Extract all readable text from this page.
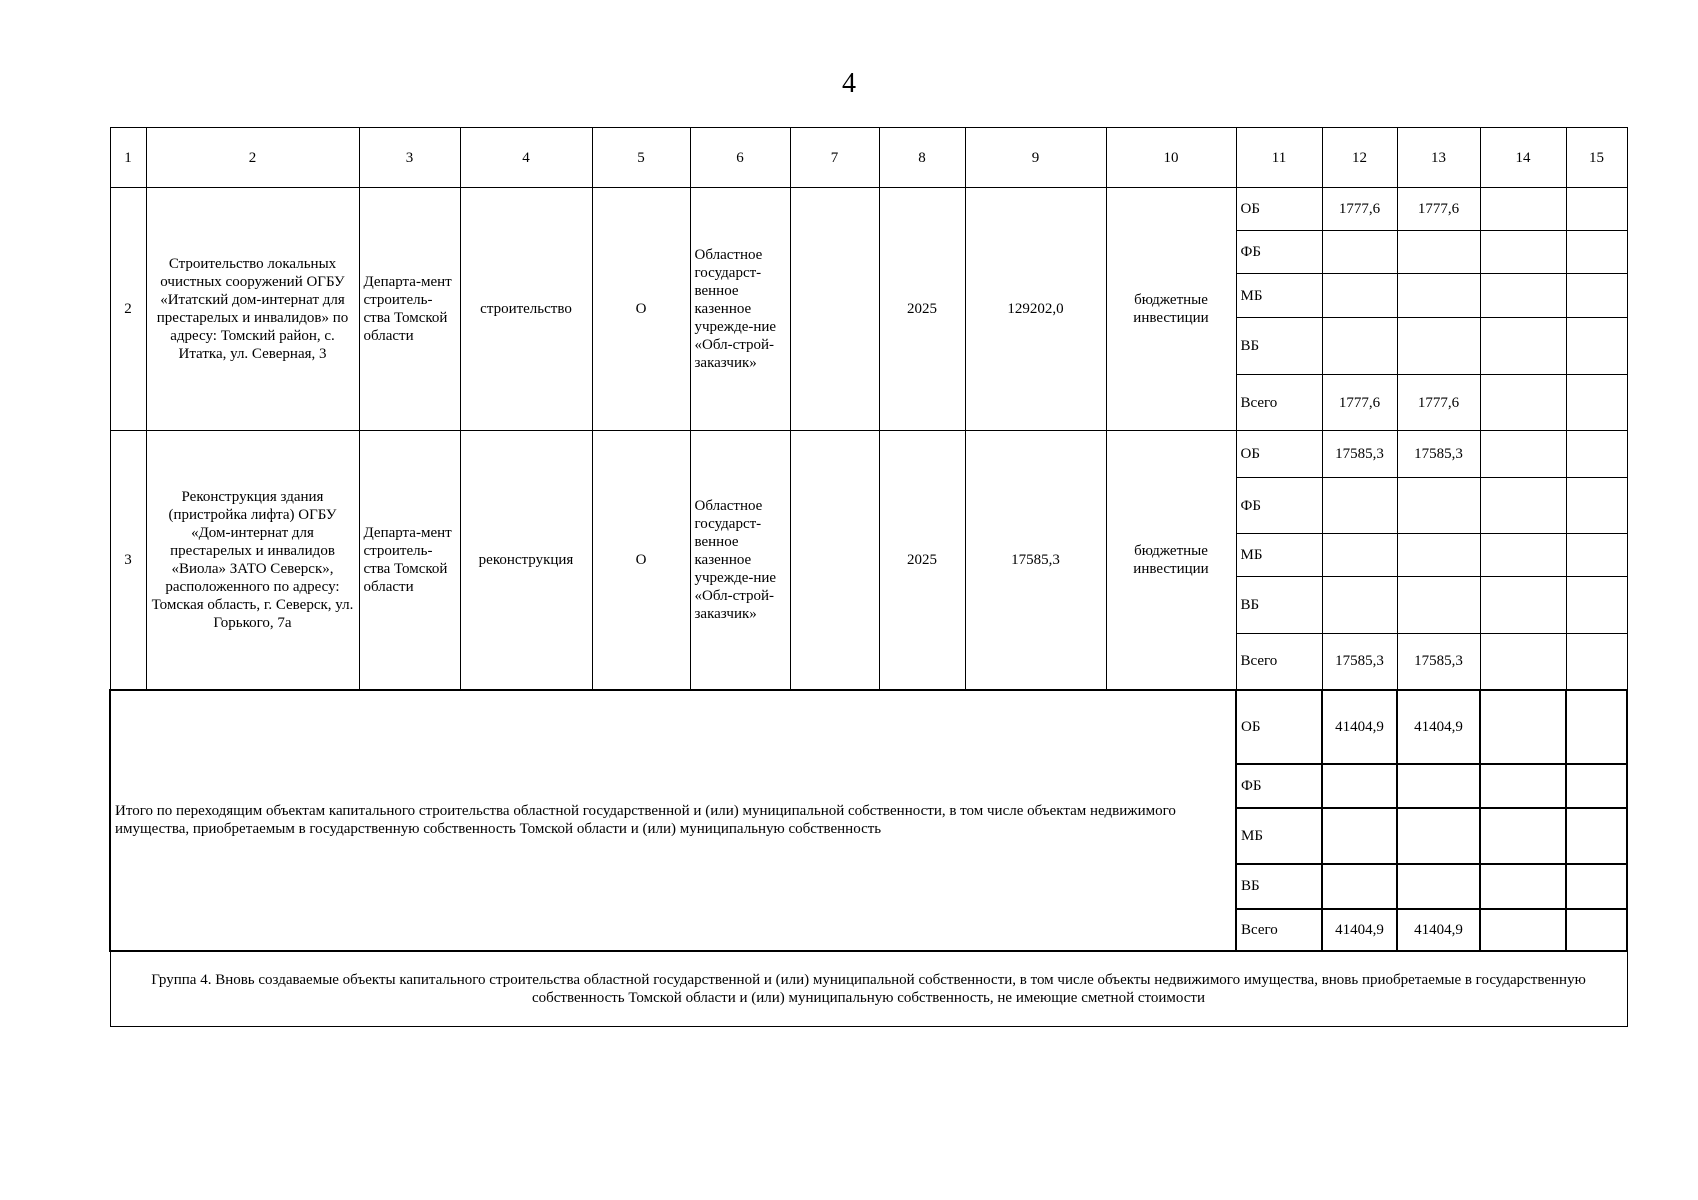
4
1	2	3	4	5	6	7	8	9	10	11	12	13	14	15
2	Строительство локальных очистных сооружений ОГБУ «Итатский дом-интернат для престарелых и инвалидов» по адресу: Томский район, с. Итатка, ул. Северная, 3	Департа-мент строитель-ства Томской области	строительство	О	Областное государст-венное казенное учрежде-ние «Обл-строй-заказчик»		2025	129202,0	бюджетные инвестиции	ОБ	1777,6	1777,6		
										ФБ				
										МБ				
										ВБ				
										Всего	1777,6	1777,6		
3	Реконструкция здания (пристройка лифта) ОГБУ «Дом-интернат для престарелых и инвалидов «Виола» ЗАТО Северск», расположенного по адресу: Томская область, г. Северск, ул. Горького, 7а	Департа-мент строитель-ства Томской области	реконструкция	О	Областное государст-венное казенное учрежде-ние «Обл-строй-заказчик»		2025	17585,3	бюджетные инвестиции	ОБ	17585,3	17585,3		
										ФБ				
										МБ				
										ВБ				
										Всего	17585,3	17585,3		
Итого по переходящим объектам капитального строительства областной государственной и (или) муниципальной собственности, в том числе объектам недвижимого имущества, приобретаемым в государственную собственность Томской области и (или) муниципальную собственность										ОБ	41404,9	41404,9		
										ФБ				
										МБ				
										ВБ				
										Всего	41404,9	41404,9		
Группа 4. Вновь создаваемые объекты капитального строительства областной государственной и (или) муниципальной собственности, в том числе объекты недвижимого имущества, вновь приобретаемые в государственную собственность Томской области и (или) муниципальную собственность, не имеющие сметной стоимости														
